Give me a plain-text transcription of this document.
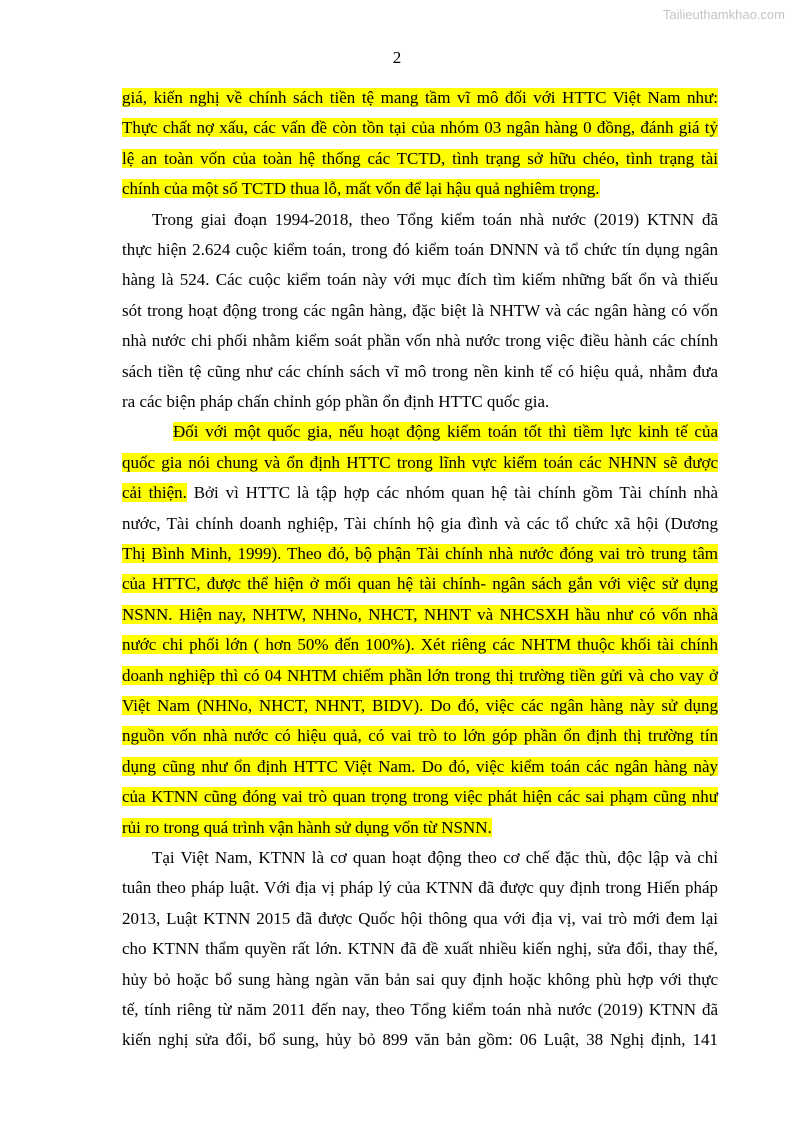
Tailieuthamkhao.com
2
giá, kiến nghị về chính sách tiền tệ mang tầm vĩ mô đối với HTTC Việt Nam như:
Thực chất nợ xấu, các vấn đề còn tồn tại của nhóm 03 ngân hàng 0 đồng, đánh giá tỷ
lệ an toàn vốn của toàn hệ thống các TCTD, tình trạng sở hữu chéo, tình trạng tài
chính của một số TCTD thua lỗ, mất vốn để lại hậu quả nghiêm trọng.
Trong giai đoạn 1994-2018, theo Tổng kiểm toán nhà nước (2019) KTNN đã
thực hiện 2.624 cuộc kiểm toán, trong đó kiểm toán DNNN và tổ chức tín dụng ngân
hàng là 524. Các cuộc kiểm toán này với mục đích tìm kiếm những bất ổn và thiếu
sót trong hoạt động trong các ngân hàng, đặc biệt là NHTW và các ngân hàng có vốn
nhà nước chi phối nhằm kiểm soát phần vốn nhà nước trong việc điều hành các chính
sách tiền tệ cũng như các chính sách vĩ mô trong nền kinh tế có hiệu quả, nhằm đưa
ra các biện pháp chấn chỉnh góp phần ổn định HTTC quốc gia.
Đối với một quốc gia, nếu hoạt động kiểm toán tốt thì tiềm lực kinh tế của
quốc gia nói chung và ổn định HTTC trong lĩnh vực kiểm toán các NHNN sẽ được
cải thiện. Bởi vì HTTC là tập hợp các nhóm quan hệ tài chính gồm Tài chính nhà
nước, Tài chính doanh nghiệp, Tài chính hộ gia đình và các tổ chức xã hội (Dương
Thị Bình Minh, 1999). Theo đó, bộ phận Tài chính nhà nước đóng vai trò trung tâm
của HTTC, được thể hiện ở mối quan hệ tài chính- ngân sách gắn với việc sử dụng
NSNN. Hiện nay, NHTW, NHNo, NHCT, NHNT và NHCSXH hầu như có vốn nhà
nước chi phối lớn ( hơn 50% đến 100%). Xét riêng các NHTM thuộc khối tài chính
doanh nghiệp thì có 04 NHTM chiếm phần lớn trong thị trường tiền gửi và cho vay ở
Việt Nam (NHNo, NHCT, NHNT, BIDV). Do đó, việc các ngân hàng này sử dụng
nguồn vốn nhà nước có hiệu quả, có vai trò to lớn góp phần ổn định thị trường tín
dụng cũng như ổn định HTTC Việt Nam. Do đó, việc kiểm toán các ngân hàng này
của KTNN cũng đóng vai trò quan trọng trong việc phát hiện các sai phạm cũng như
rủi ro trong quá trình vận hành sử dụng vốn từ NSNN.
Tại Việt Nam, KTNN là cơ quan hoạt động theo cơ chế đặc thù, độc lập và chỉ
tuân theo pháp luật. Với địa vị pháp lý của KTNN đã được quy định trong Hiến pháp
2013, Luật KTNN 2015 đã được Quốc hội thông qua với địa vị, vai trò mới đem lại
cho KTNN thẩm quyền rất lớn. KTNN đã đề xuất nhiều kiến nghị, sửa đổi, thay thế,
hủy bỏ hoặc bổ sung hàng ngàn văn bản sai quy định hoặc không phù hợp với thực
tế, tính riêng từ năm 2011 đến nay, theo Tổng kiểm toán nhà nước (2019) KTNN đã
kiến nghị sửa đổi, bổ sung, hủy bỏ 899 văn bản gồm: 06 Luật, 38 Nghị định, 141
